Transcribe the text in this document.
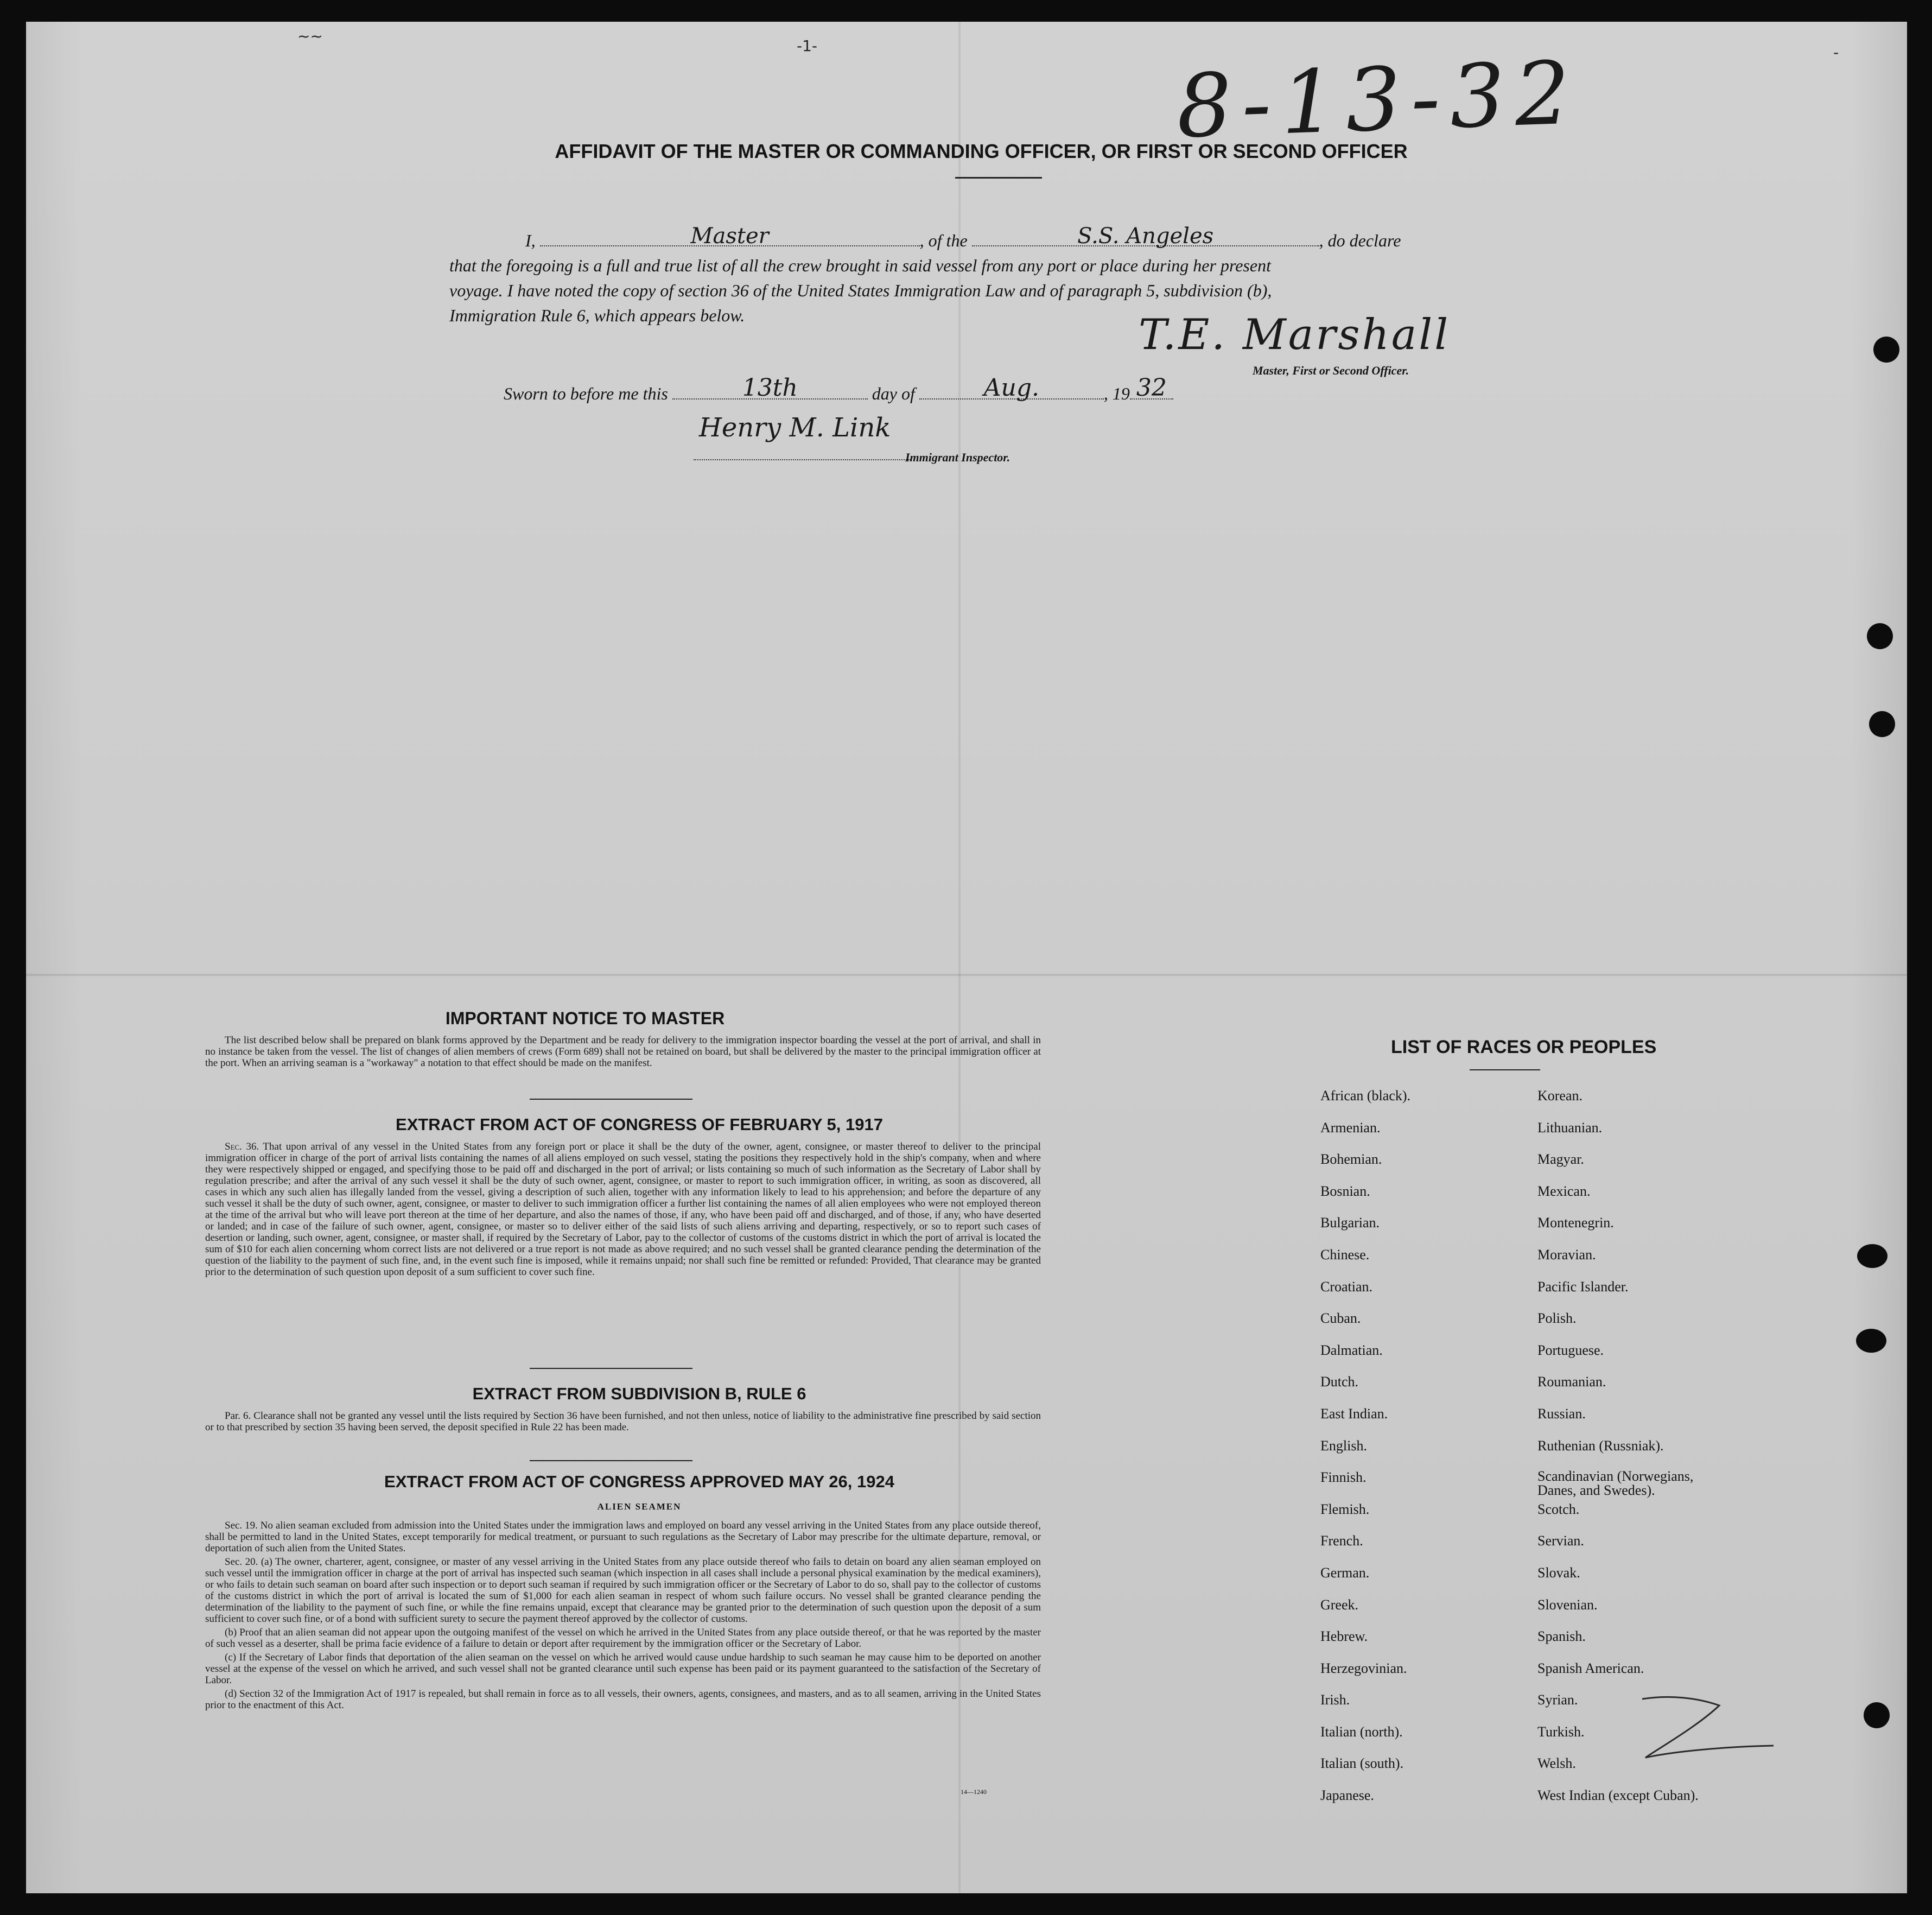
~~
-1-	-
8-13-32
AFFIDAVIT OF THE MASTER OR COMMANDING OFFICER, OR FIRST OR SECOND OFFICER
I,	Master	, of the	S.S. Angeles	, do declare
that the foregoing is a full and true list of all the crew brought in said vessel from any port or place during her present
voyage. I have noted the copy of section 36 of the United States Immigration Law and of paragraph 5, subdivision (b),
Immigration Rule 6, which appears below.	T.E. Marshall
Master, First or Second Officer.
Sworn to before me this	13th	day of	Aug.	, 19 32
Henry M. Link
Immigrant Inspector.
IMPORTANT NOTICE TO MASTER

The list described below shall be prepared on blank forms approved by the Department and be ready for delivery to the immigration inspector boarding the vessel at the port of arrival, and shall in no instance be taken from the vessel. The list of changes of alien members of crews (Form 689) shall not be retained on board, but shall be delivered by the master to the principal immigration officer at the port. When an arriving seaman is a "workaway" a notation to that effect should be made on the manifest.

EXTRACT FROM ACT OF CONGRESS OF FEBRUARY 5, 1917

Sec. 36. That upon arrival of any vessel in the United States from any foreign port or place it shall be the duty of the owner, agent, consignee, or master thereof to deliver to the principal immigration officer in charge of the port of arrival lists containing the names of all aliens employed on such vessel, stating the positions they respectively hold in the ship's company, when and where they were respectively shipped or engaged, and specifying those to be paid off and discharged in the port of arrival; or lists containing so much of such information as the Secretary of Labor shall by regulation prescribe; and after the arrival of any such vessel it shall be the duty of such owner, agent, consignee, or master to report to such immigration officer, in writing, as soon as discovered, all cases in which any such alien has illegally landed from the vessel, giving a description of such alien, together with any information likely to lead to his apprehension; and before the departure of any such vessel it shall be the duty of such owner, agent, consignee, or master to deliver to such immigration officer a further list containing the names of all alien employees who were not employed thereon at the time of the arrival but who will leave port thereon at the time of her departure, and also the names of those, if any, who have been paid off and discharged, and of those, if any, who have deserted or landed; and in case of the failure of such owner, agent, consignee, or master so to deliver either of the said lists of such aliens arriving and departing, respectively, or so to report such cases of desertion or landing, such owner, agent, consignee, or master shall, if required by the Secretary of Labor, pay to the collector of customs of the customs district in which the port of arrival is located the sum of $10 for each alien concerning whom correct lists are not delivered or a true report is not made as above required; and no such vessel shall be granted clearance pending the determination of the question of the liability to the payment of such fine, and, in the event such fine is imposed, while it remains unpaid; nor shall such fine be remitted or refunded: Provided, That clearance may be granted prior to the determination of such question upon deposit of a sum sufficient to cover such fine.

EXTRACT FROM SUBDIVISION B, RULE 6

Par. 6. Clearance shall not be granted any vessel until the lists required by Section 36 have been furnished, and not then unless, notice of liability to the administrative fine prescribed by said section or to that prescribed by section 35 having been served, the deposit specified in Rule 22 has been made.

EXTRACT FROM ACT OF CONGRESS APPROVED MAY 26, 1924
ALIEN SEAMEN

Sec. 19. No alien seaman excluded from admission into the United States under the immigration laws and employed on board any vessel arriving in the United States from any place outside thereof, shall be permitted to land in the United States, except temporarily for medical treatment, or pursuant to such regulations as the Secretary of Labor may prescribe for the ultimate departure, removal, or deportation of such alien from the United States.

Sec. 20. (a) The owner, charterer, agent, consignee, or master of any vessel arriving in the United States from any place outside thereof who fails to detain on board any alien seaman employed on such vessel until the immigration officer in charge at the port of arrival has inspected such seaman (which inspection in all cases shall include a personal physical examination by the medical examiners), or who fails to detain such seaman on board after such inspection or to deport such seaman if required by such immigration officer or the Secretary of Labor to do so, shall pay to the collector of customs of the customs district in which the port of arrival is located the sum of $1,000 for each alien seaman in respect of whom such failure occurs. No vessel shall be granted clearance pending the determination of the liability to the payment of such fine, or while the fine remains unpaid, except that clearance may be granted prior to the determination of such question upon the deposit of a sum sufficient to cover such fine, or of a bond with sufficient surety to secure the payment thereof approved by the collector of customs.

(b) Proof that an alien seaman did not appear upon the outgoing manifest of the vessel on which he arrived in the United States from any place outside thereof, or that he was reported by the master of such vessel as a deserter, shall be prima facie evidence of a failure to detain or deport after requirement by the immigration officer or the Secretary of Labor.

(c) If the Secretary of Labor finds that deportation of the alien seaman on the vessel on which he arrived would cause undue hardship to such seaman he may cause him to be deported on another vessel at the expense of the vessel on which he arrived, and such vessel shall not be granted clearance until such expense has been paid or its payment guaranteed to the satisfaction of the Secretary of Labor.

(d) Section 32 of the Immigration Act of 1917 is repealed, but shall remain in force as to all vessels, their owners, agents, consignees, and masters, and as to all seamen, arriving in the United States prior to the enactment of this Act.

14—1240
LIST OF RACES OR PEOPLES
African (black).
Armenian.
Bohemian.
Bosnian.
Bulgarian.
Chinese.
Croatian.
Cuban.
Dalmatian.
Dutch.
East Indian.
English.
Finnish.
Flemish.
French.
German.
Greek.
Hebrew.
Herzegovinian.
Irish.
Italian (north).
Italian (south).
Japanese.
Korean.
Lithuanian.
Magyar.
Mexican.
Montenegrin.
Moravian.
Pacific Islander.
Polish.
Portuguese.
Roumanian.
Russian.
Ruthenian (Russniak).
Scandinavian (Norwegians, Danes, and Swedes).
Scotch.
Servian.
Slovak.
Slovenian.
Spanish.
Spanish American.
Syrian.
Turkish.
Welsh.
West Indian (except Cuban).
